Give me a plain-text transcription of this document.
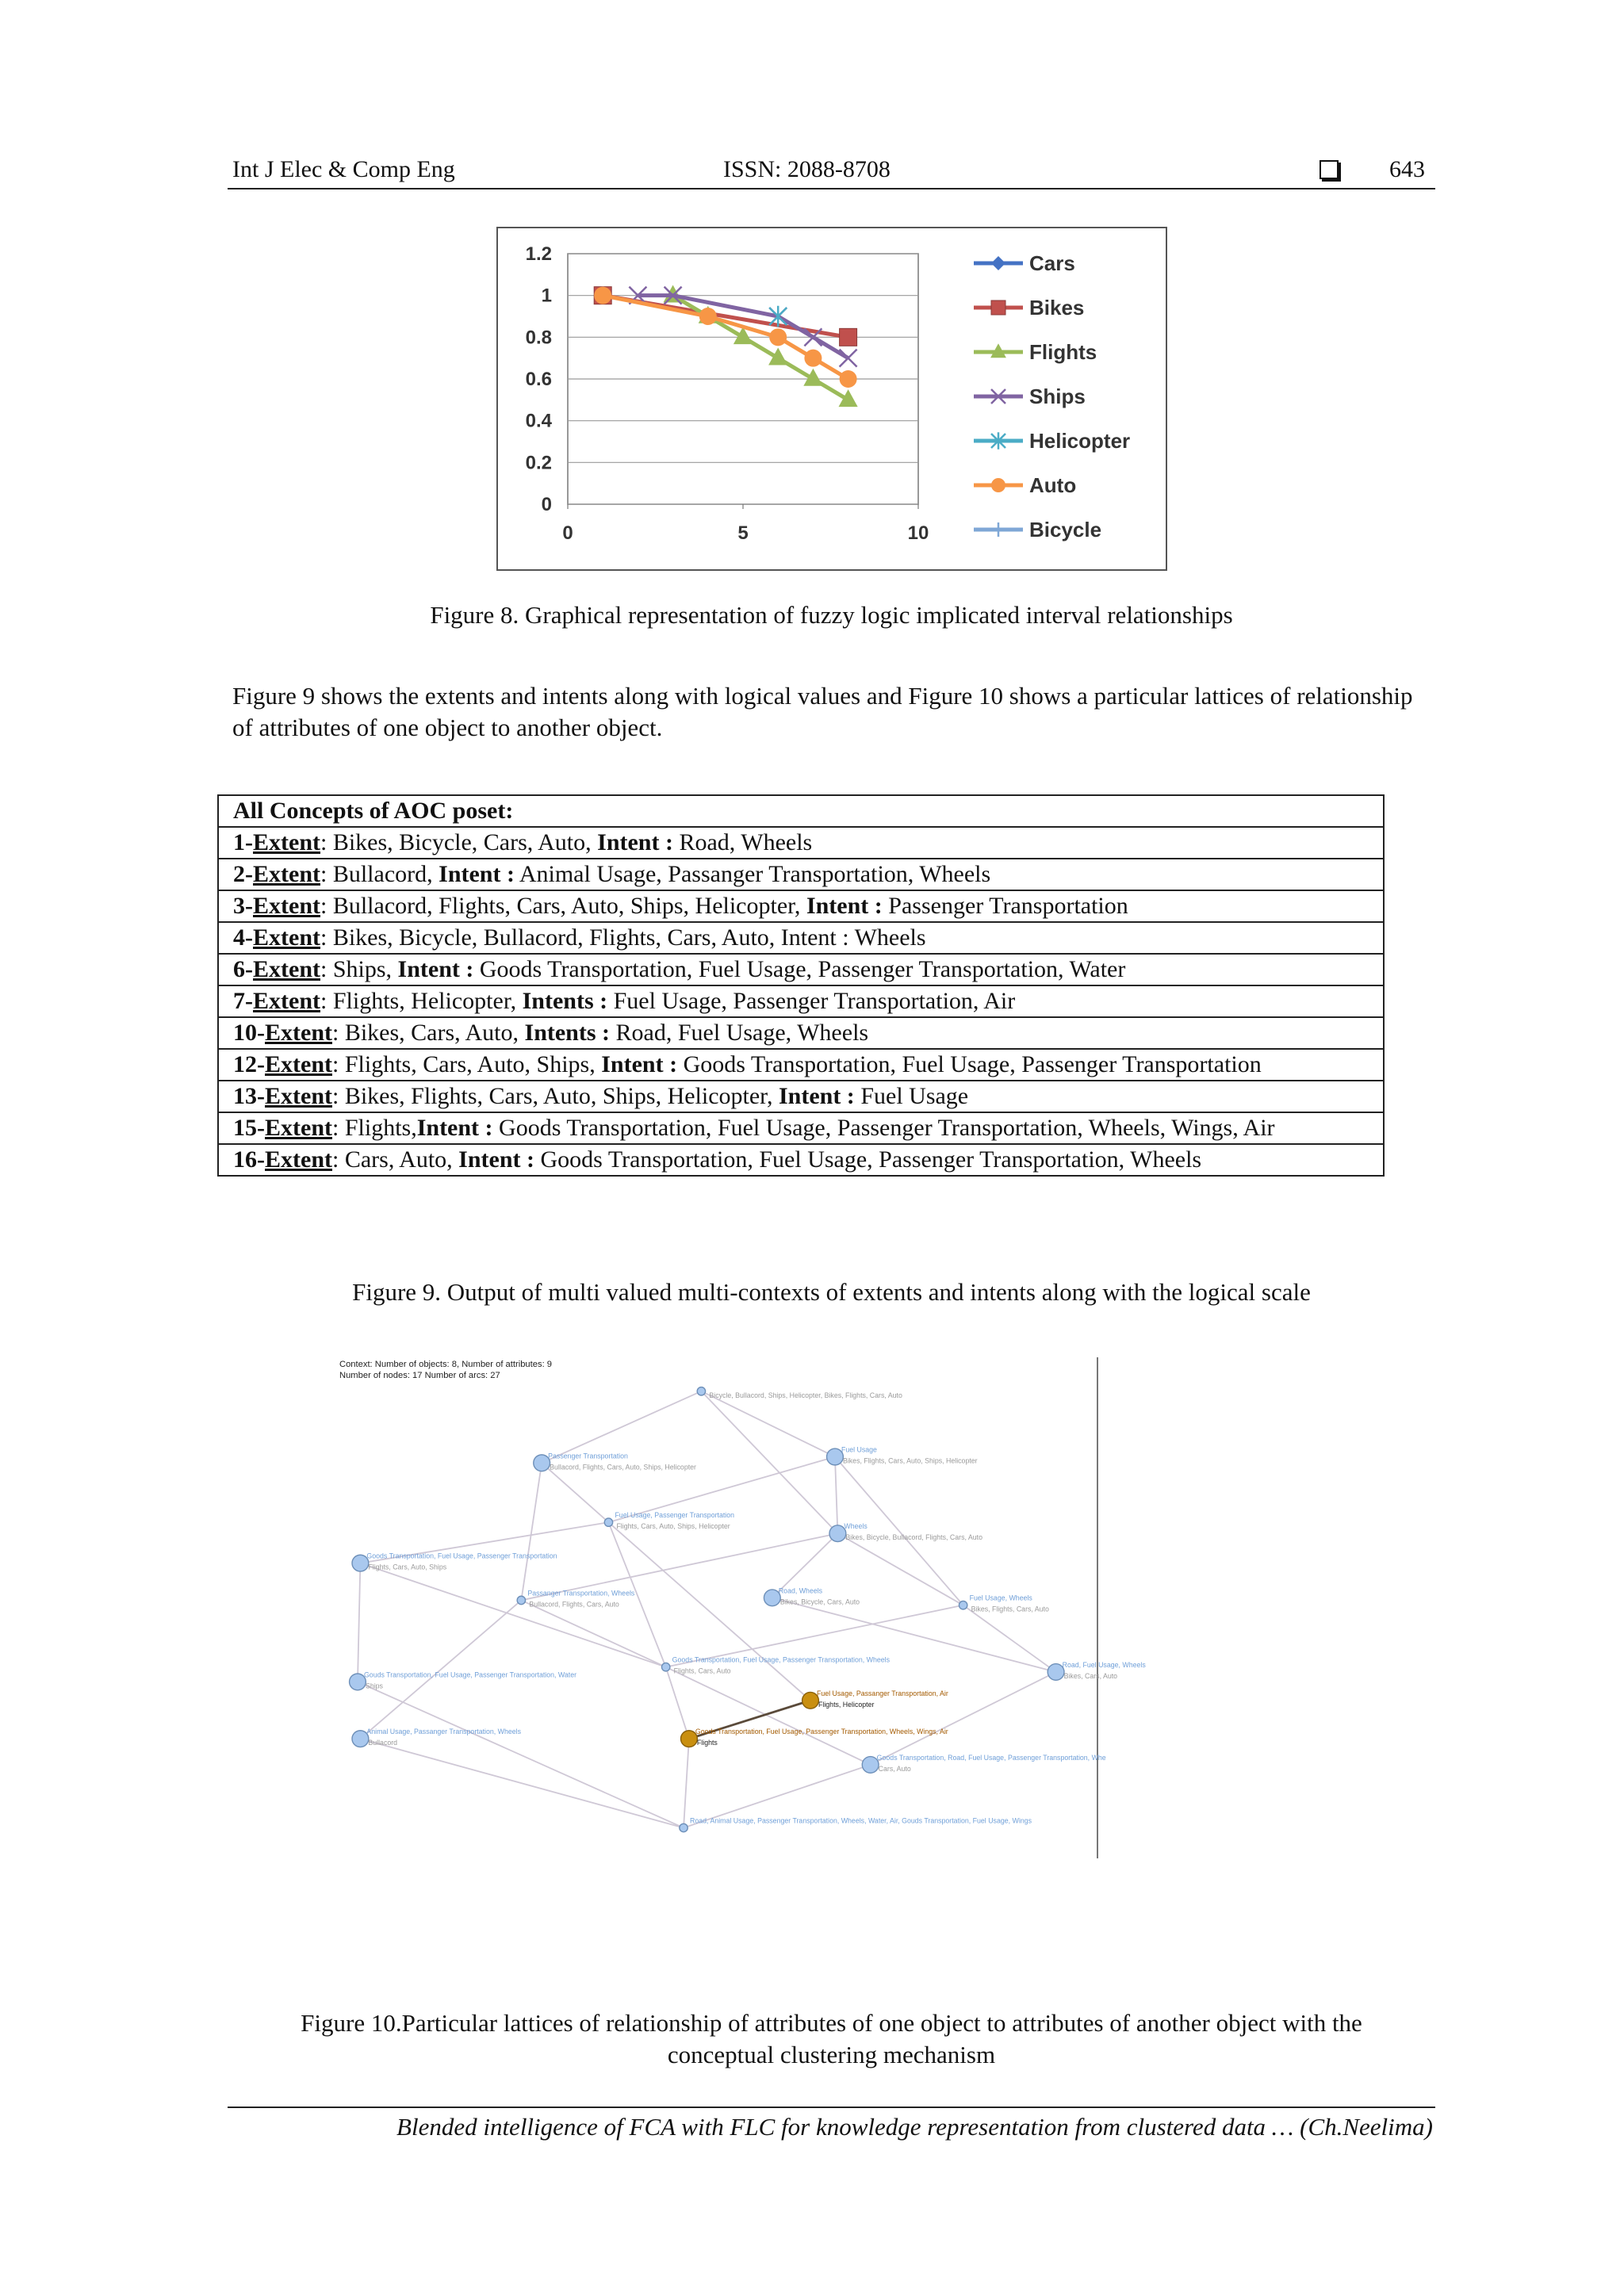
Int J Elec & Comp Eng	ISSN: 2088-8708	643
0
0.2
0.4
0.6
0.8
1
1.2
0	5	10
Cars
Bikes
Flights
Ships
Helicopter
Auto
Bicycle
Figure 8. Graphical representation of fuzzy logic implicated interval relationships
Figure 9 shows the extents and intents along with logical values and Figure 10 shows a particular lattices of relationship of attributes of one object to another object.
All Concepts of AOC poset:
1-Extent: Bikes, Bicycle, Cars, Auto, Intent : Road, Wheels
2-Extent: Bullacord, Intent : Animal Usage, Passanger Transportation, Wheels
3-Extent: Bullacord, Flights, Cars, Auto, Ships, Helicopter, Intent : Passenger Transportation
4-Extent: Bikes, Bicycle, Bullacord, Flights, Cars, Auto, Intent : Wheels
6-Extent: Ships, Intent : Goods Transportation, Fuel Usage, Passenger Transportation, Water
7-Extent: Flights, Helicopter, Intents : Fuel Usage, Passenger Transportation, Air
10-Extent: Bikes, Cars, Auto, Intents : Road, Fuel Usage, Wheels
12-Extent: Flights, Cars, Auto, Ships, Intent : Goods Transportation, Fuel Usage, Passenger Transportation
13-Extent: Bikes, Flights, Cars, Auto, Ships, Helicopter, Intent : Fuel Usage
15-Extent: Flights,Intent : Goods Transportation, Fuel Usage, Passenger Transportation, Wheels, Wings, Air
16-Extent: Cars, Auto, Intent : Goods Transportation, Fuel Usage, Passenger Transportation, Wheels
Figure 9. Output of multi valued multi-contexts of extents and intents along with the logical scale
Context: Number of objects: 8, Number of attributes: 9
Number of nodes: 17 Number of arcs: 27
Bicycle, Bullacord, Ships, Helicopter, Bikes, Flights, Cars, Auto
Passenger Transportation
Bullacord, Flights, Cars, Auto, Ships, Helicopter
Fuel Usage
Bikes, Flights, Cars, Auto, Ships, Helicopter
Fuel Usage, Passenger Transportation
Flights, Cars, Auto, Ships, Helicopter	Wheels
Bikes, Bicycle, Bullacord, Flights, Cars, Auto
Goods Transportation, Fuel Usage, Passenger Transportation
Flights, Cars, Auto, Ships
Passanger Transportation, Wheels
Bullacord, Flights, Cars, Auto
Road, Wheels
Bikes, Bicycle, Cars, Auto	Fuel Usage, Wheels
Bikes, Flights, Cars, Auto
Goods Transportation, Fuel Usage, Passenger Transportation, Wheels
Flights, Cars, Auto
Road, Fuel Usage, Wheels
Bikes, Cars, Auto
Gouds Transportation, Fuel Usage, Passenger Transportation, Water
Ships
Fuel Usage, Passanger Transportation, Air
Flights, Helicopter
Animal Usage, Passanger Transportation, Wheels
Bullacord
Goods Transportation, Fuel Usage, Passenger Transportation, Wheels, Wings, Air
Flights
Goods Transportation, Road, Fuel Usage, Passenger Transportation, Whe
Cars, Auto
Road, Animal Usage, Passenger Transportation, Wheels, Water, Air, Gouds Transportation, Fuel Usage, Wings
Figure 10.Particular lattices of relationship of attributes of one object to attributes of another object with the
conceptual clustering mechanism
Blended intelligence of FCA with FLC for knowledge representation from clustered data … (Ch.Neelima)
